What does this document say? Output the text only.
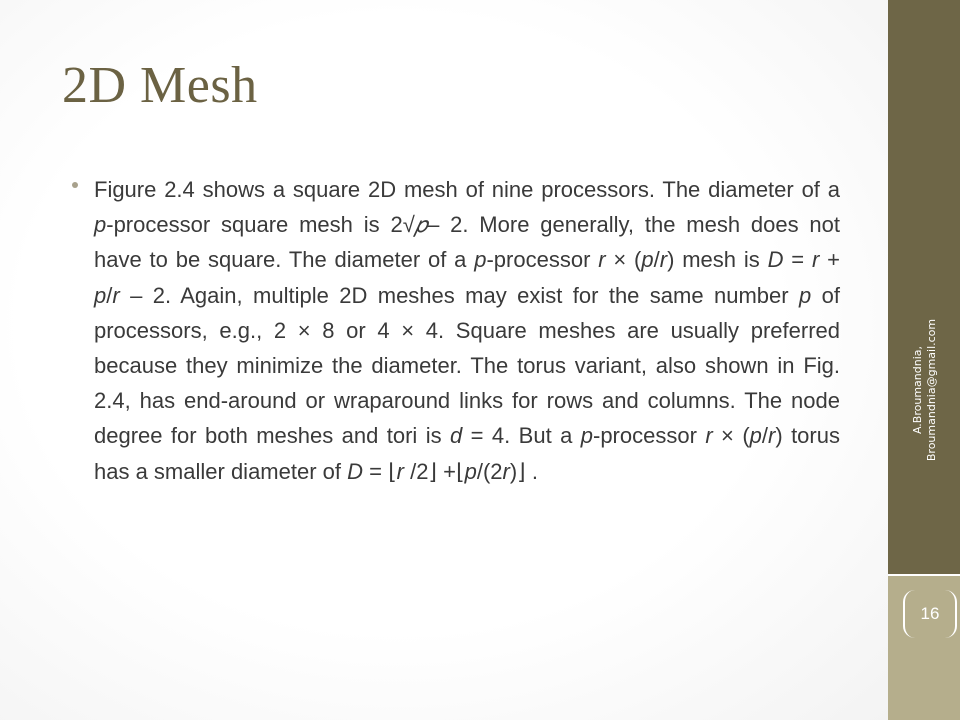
A.Broumandnia, Broumandnia@gmail.com
16
2D Mesh
Figure 2.4 shows a square 2D mesh of nine processors. The diameter of a p-processor square mesh is 2√𝑝– 2. More generally, the mesh does not have to be square. The diameter of a p-processor r × (p/r) mesh is D = r + p/r – 2. Again, multiple 2D meshes may exist for the same number p of processors, e.g., 2 × 8 or 4 × 4. Square meshes are usually preferred because they minimize the diameter. The torus variant, also shown in Fig. 2.4, has end-around or wraparound links for rows and columns. The node degree for both meshes and tori is d = 4. But a p-processor r × (p/r) torus has a smaller diameter of D = ⌊r /2⌋ +⌊p/(2r)⌋ .
